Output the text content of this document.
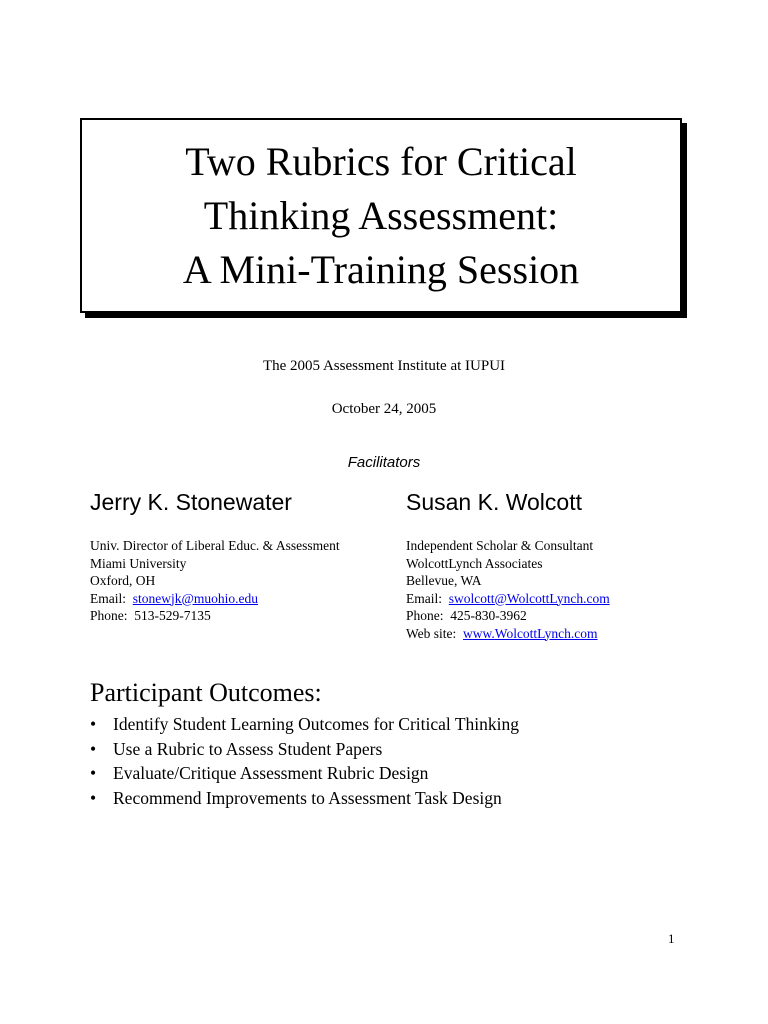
Two Rubrics for Critical
Thinking Assessment:
A Mini-Training Session
The 2005 Assessment Institute at IUPUI
October 24, 2005
Facilitators
Jerry K. Stonewater	Susan K. Wolcott
Univ. Director of Liberal Educ. & Assessment
Miami University
Oxford, OH
Email: stonewjk@muohio.edu
Phone: 513-529-7135
Independent Scholar & Consultant
WolcottLynch Associates
Bellevue, WA
Email: swolcott@WolcottLynch.com
Phone: 425-830-3962
Web site: www.WolcottLynch.com
Participant Outcomes:
• Identify Student Learning Outcomes for Critical Thinking
• Use a Rubric to Assess Student Papers
• Evaluate/Critique Assessment Rubric Design
• Recommend Improvements to Assessment Task Design
1
